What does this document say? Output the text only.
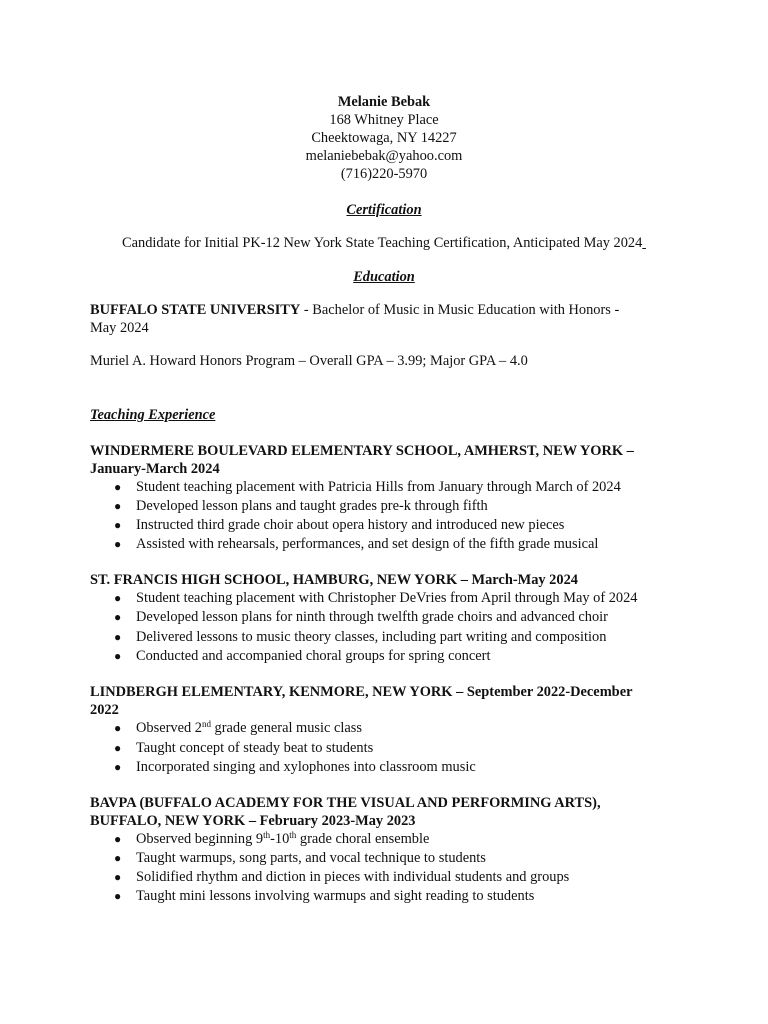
Melanie Bebak
168 Whitney Place
Cheektowaga, NY 14227
melaniebebak@yahoo.com
(716)220-5970
Certification
Candidate for Initial PK-12 New York State Teaching Certification, Anticipated May 2024
Education
BUFFALO STATE UNIVERSITY - Bachelor of Music in Music Education with Honors -
May 2024
Muriel A. Howard Honors Program – Overall GPA – 3.99; Major GPA – 4.0
Teaching Experience
WINDERMERE BOULEVARD ELEMENTARY SCHOOL, AMHERST, NEW YORK –
January-March 2024
● Student teaching placement with Patricia Hills from January through March of 2024
● Developed lesson plans and taught grades pre-k through fifth
● Instructed third grade choir about opera history and introduced new pieces
● Assisted with rehearsals, performances, and set design of the fifth grade musical
ST. FRANCIS HIGH SCHOOL, HAMBURG, NEW YORK – March-May 2024
● Student teaching placement with Christopher DeVries from April through May of 2024
● Developed lesson plans for ninth through twelfth grade choirs and advanced choir
● Delivered lessons to music theory classes, including part writing and composition
● Conducted and accompanied choral groups for spring concert
LINDBERGH ELEMENTARY, KENMORE, NEW YORK – September 2022-December
2022
● Observed 2nd grade general music class
● Taught concept of steady beat to students
● Incorporated singing and xylophones into classroom music
BAVPA (BUFFALO ACADEMY FOR THE VISUAL AND PERFORMING ARTS),
BUFFALO, NEW YORK – February 2023-May 2023
● Observed beginning 9th-10th grade choral ensemble
● Taught warmups, song parts, and vocal technique to students
● Solidified rhythm and diction in pieces with individual students and groups
● Taught mini lessons involving warmups and sight reading to students
